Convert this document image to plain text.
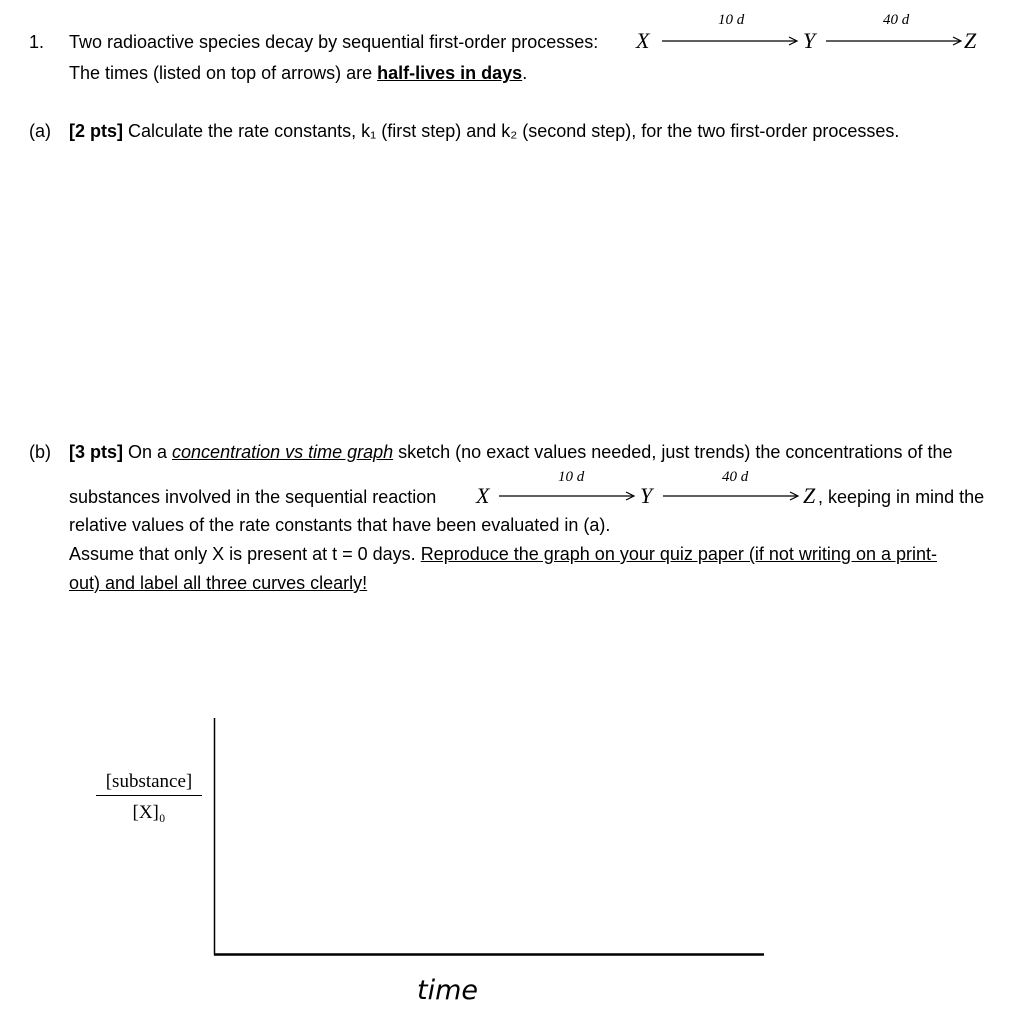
1. Two radioactive species decay by sequential first-order processes: X
10 d
Y
40 d
Z
The times (listed on top of arrows) are half-lives in days.
(a) [2 pts] Calculate the rate constants, k₁ (first step) and k₂ (second step), for the two first-order processes.
(b) [3 pts] On a concentration vs time graph sketch (no exact values needed, just trends) the concentrations of the
substances involved in the sequential reaction X
10 d
Y
40 d
Z , keeping in mind the
relative values of the rate constants that have been evaluated in (a).
Assume that only X is present at t = 0 days. Reproduce the graph on your quiz paper (if not writing on a print-
out) and label all three curves clearly!
[substance]
[X]₀
time
